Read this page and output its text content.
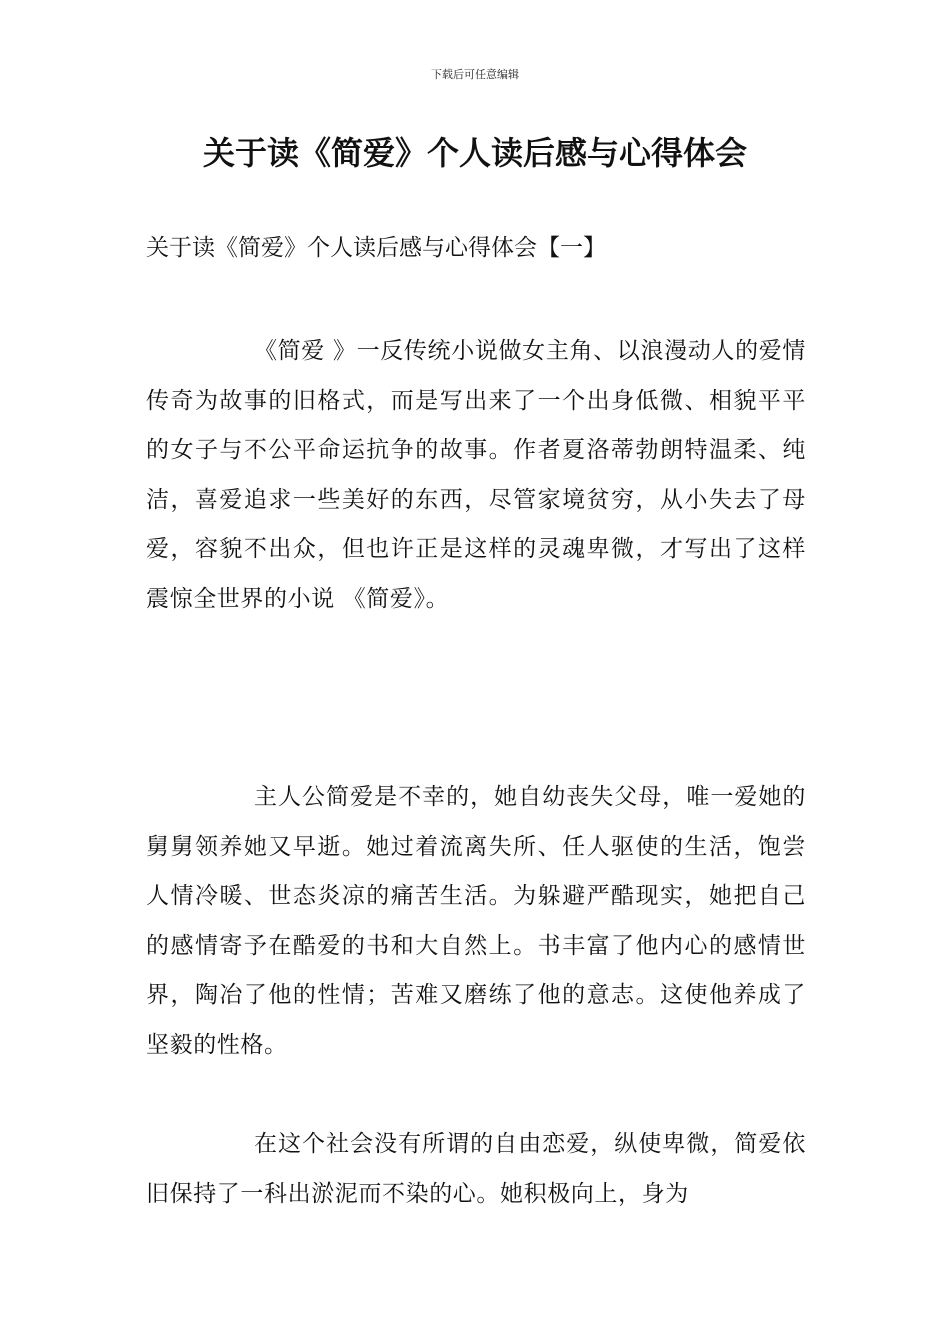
下载后可任意编辑
关于读《简爱》个人读后感与心得体会
关于读《简爱》个人读后感与心得体会【一】
《简爱 》一反传统小说做女主角、以浪漫动人的爱情传奇为故事的旧格式，而是写出来了一个出身低微、相貌平平的女子与不公平命运抗争的故事。作者夏洛蒂勃朗特温柔、纯洁，喜爱追求一些美好的东西，尽管家境贫穷，从小失去了母爱，容貌不出众，但也许正是这样的灵魂卑微，才写出了这样震惊全世界的小说 《简爱》。
主人公简爱是不幸的，她自幼丧失父母，唯一爱她的舅舅领养她又早逝。她过着流离失所、任人驱使的生活，饱尝人情冷暖、世态炎凉的痛苦生活。为躲避严酷现实，她把自己的感情寄予在酷爱的书和大自然上。书丰富了他内心的感情世界，陶冶了他的性情；苦难又磨练了他的意志。这使他养成了坚毅的性格。
在这个社会没有所谓的自由恋爱，纵使卑微，简爱依旧保持了一科出淤泥而不染的心。她积极向上，身为
